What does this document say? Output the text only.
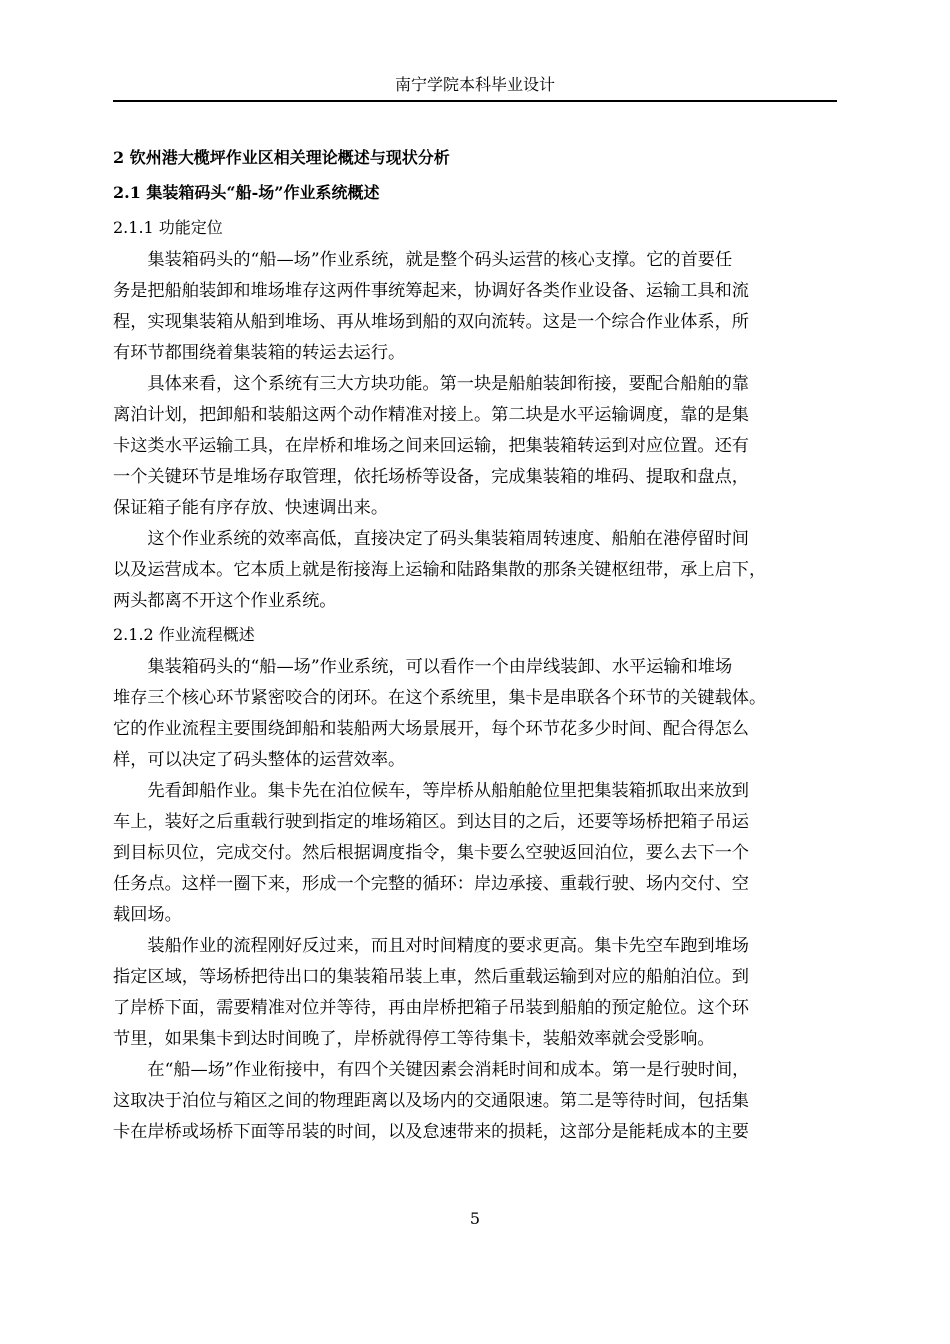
南宁学院本科毕业设计
2 钦州港大榄坪作业区相关理论概述与现状分析
2.1 集装箱码头“船-场”作业系统概述
2.1.1 功能定位

集装箱码头的“船—场”作业系统，就是整个码头运营的核心支撑。它的首要任
务是把船舶装卸和堆场堆存这两件事统筹起来，协调好各类作业设备、运输工具和流
程，实现集装箱从船到堆场、再从堆场到船的双向流转。这是一个综合作业体系，所
有环节都围绕着集装箱的转运去运行。

具体来看，这个系统有三大方块功能。第一块是船舶装卸衔接，要配合船舶的靠
离泊计划，把卸船和装船这两个动作精准对接上。第二块是水平运输调度，靠的是集
卡这类水平运输工具，在岸桥和堆场之间来回运输，把集装箱转运到对应位置。还有
一个关键环节是堆场存取管理，依托场桥等设备，完成集装箱的堆码、提取和盘点，
保证箱子能有序存放、快速调出来。

这个作业系统的效率高低，直接决定了码头集装箱周转速度、船舶在港停留时间
以及运营成本。它本质上就是衔接海上运输和陆路集散的那条关键枢纽带，承上启下，
两头都离不开这个作业系统。

2.1.2 作业流程概述

集装箱码头的“船—场”作业系统，可以看作一个由岸线装卸、水平运输和堆场
堆存三个核心环节紧密咬合的闭环。在这个系统里，集卡是串联各个环节的关键载体。
它的作业流程主要围绕卸船和装船两大场景展开，每个环节花多少时间、配合得怎么
样，可以决定了码头整体的运营效率。

先看卸船作业。集卡先在泊位候车，等岸桥从船舶舱位里把集装箱抓取出来放到
车上，装好之后重载行驶到指定的堆场箱区。到达目的之后，还要等场桥把箱子吊运
到目标贝位，完成交付。然后根据调度指令，集卡要么空驶返回泊位，要么去下一个
任务点。这样一圈下来，形成一个完整的循环：岸边承接、重载行驶、场内交付、空
载回场。

装船作业的流程刚好反过来，而且对时间精度的要求更高。集卡先空车跑到堆场
指定区域，等场桥把待出口的集装箱吊装上車，然后重载运输到对应的船舶泊位。到
了岸桥下面，需要精准对位并等待，再由岸桥把箱子吊装到船舶的预定舱位。这个环
节里，如果集卡到达时间晚了，岸桥就得停工等待集卡，装船效率就会受影响。

在“船—场”作业衔接中，有四个关键因素会消耗时间和成本。第一是行驶时间，
这取决于泊位与箱区之间的物理距离以及场内的交通限速。第二是等待时间，包括集
卡在岸桥或场桥下面等吊装的时间，以及怠速带来的损耗，这部分是能耗成本的主要

5
